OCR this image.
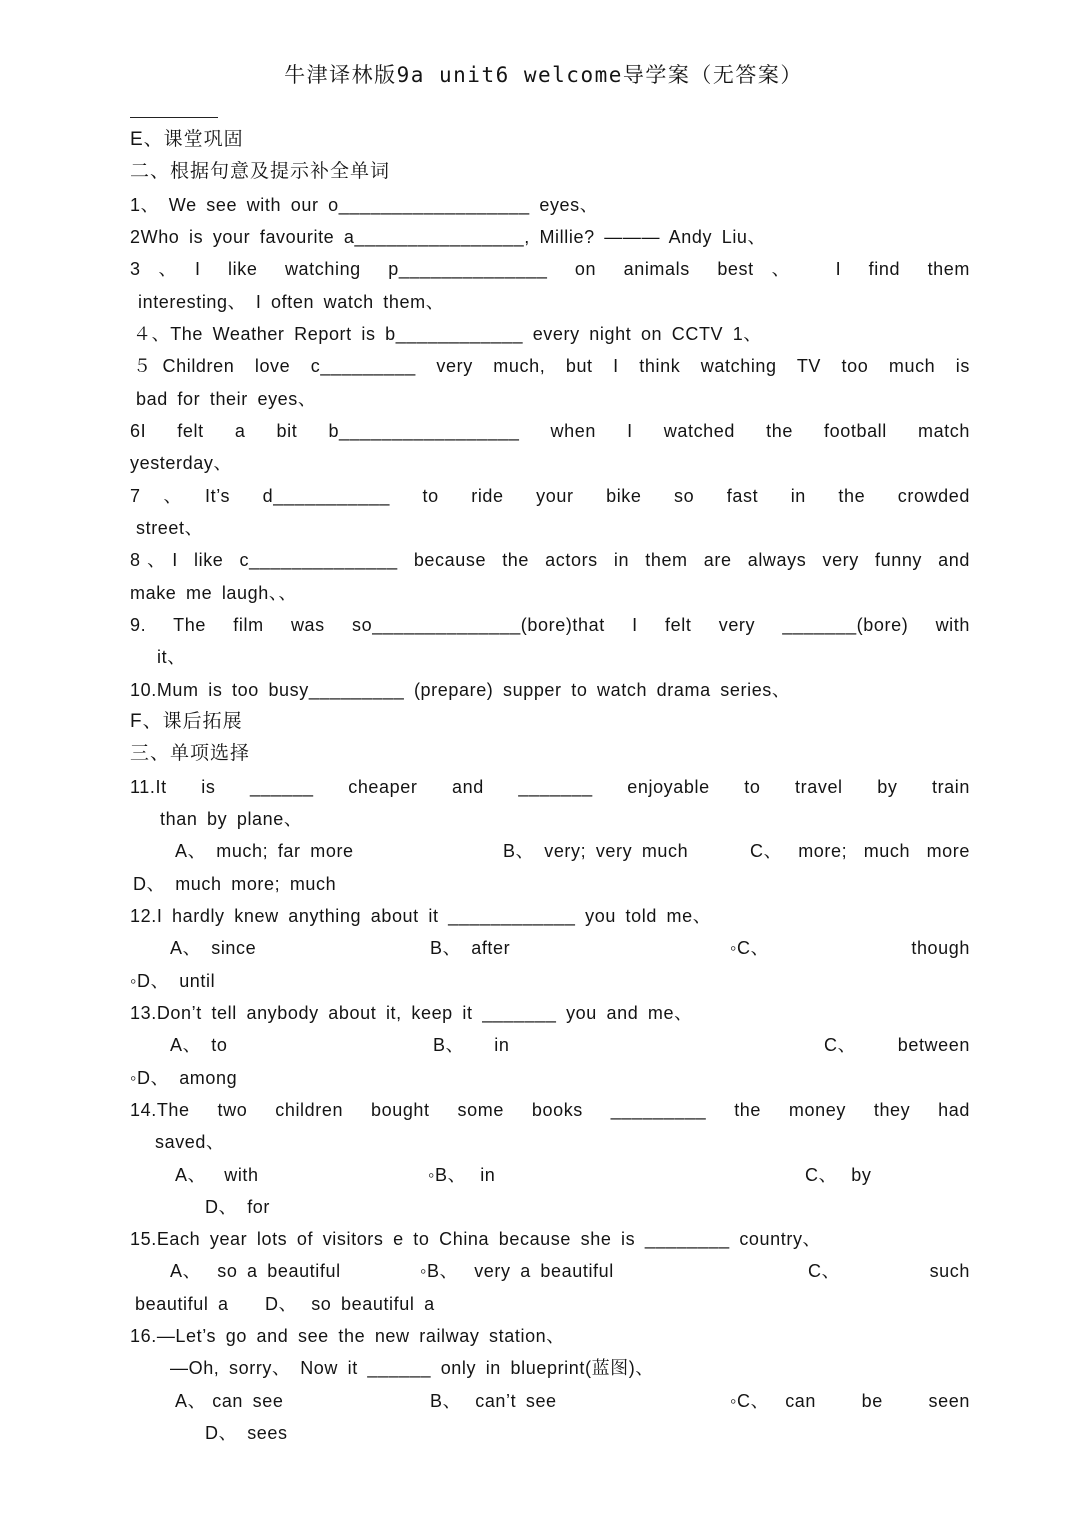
牛津译林版9a unit6 welcome导学案（无答案）
E、课堂巩固
二、根据句意及提示补全单词
1、 We see with our o__________________ eyes、
2Who is your favourite a________________, Millie? ——— Andy Liu、
3、I like watching p______________ on animals best、 I find them
interesting、 I often watch them、
４、The Weather Report is b____________ every night on CCTV 1、
５Children love c_________ very much, but I think watching TV too much is
bad for their eyes、
6I felt a bit b_________________ when I watched the football match
yesterday、
7、It’s d___________ to ride your bike so fast in the crowded
street、
8、I like c______________ because the actors in them are always very funny and
make me laugh、、
9. The film was so______________(bore)that I felt very _______(bore) with
it、
10.Mum is too busy_________ (prepare) supper to watch drama series、
F、课后拓展
三、单项选择
11.It is ______ cheaper and _______ enjoyable to travel by train
than by plane、
A、 much; far more	B、 very; very much	C、 more; much more
D、 much more; much
12.I hardly knew anything about it ____________ you told me、
A、 since	B、 after	◦C、	though
◦D、 until
13.Don’t tell anybody about it, keep it _______ you and me、
A、 to	B、 in	C、 between
◦D、 among
14.The two children bought some books _________ the money they had
saved、
A、 with	◦B、 in	C、 by
D、 for
15.Each year lots of visitors e to China because she is ________ country、
A、 so a beautiful	◦B、 very a beautiful	C、	such
beautiful a D、 so beautiful a
16.—Let’s go and see the new railway station、
—Oh, sorry、 Now it ______ only in blueprint(蓝图)、
A、 can see	B、 can’t see	◦C、 can be seen
D、 sees
